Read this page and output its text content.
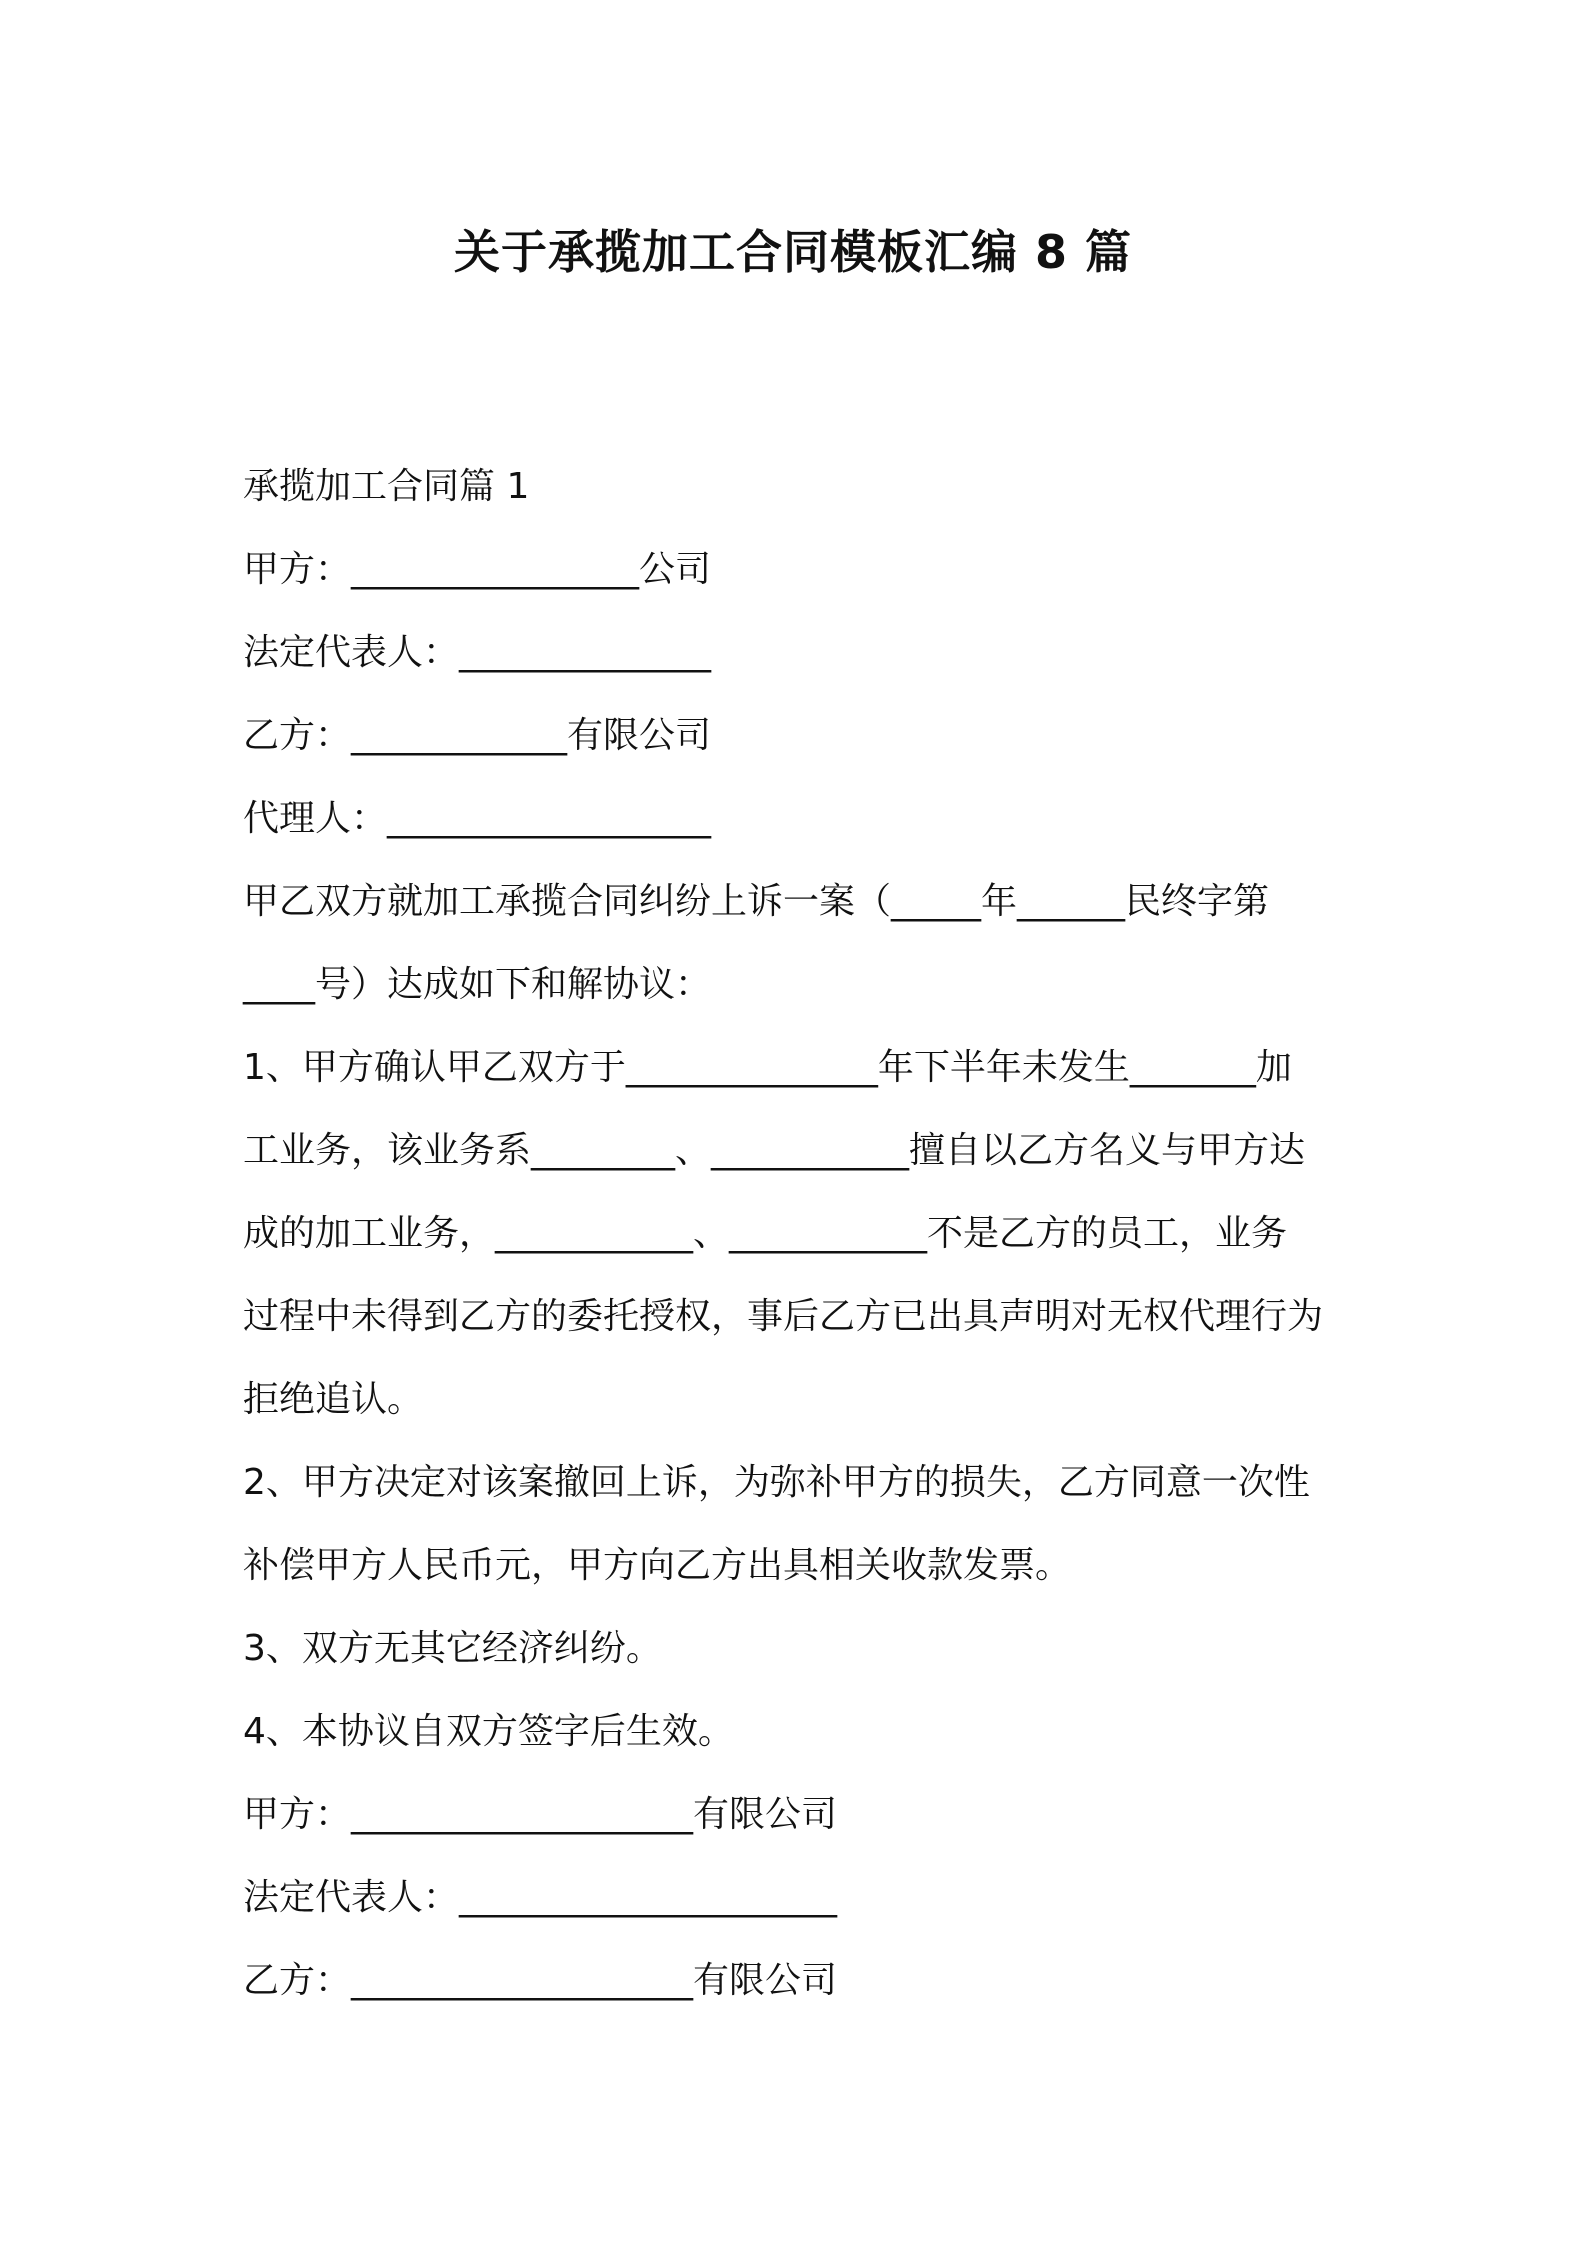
关于承揽加工合同模板汇编 8 篇

承揽加工合同篇 1

甲方：________________公司

法定代表人：______________

乙方：____________有限公司

代理人：__________________

甲乙双方就加工承揽合同纠纷上诉一案（_____年______民终字第

____号）达成如下和解协议：

1、甲方确认甲乙双方于______________年下半年未发生_______加

工业务，该业务系________、___________擅自以乙方名义与甲方达

成的加工业务，___________、___________不是乙方的员工，业务

过程中未得到乙方的委托授权，事后乙方已出具声明对无权代理行为

拒绝追认。

2、甲方决定对该案撤回上诉，为弥补甲方的损失，乙方同意一次性

补偿甲方人民币元，甲方向乙方出具相关收款发票。

3、双方无其它经济纠纷。

4、本协议自双方签字后生效。

甲方：___________________有限公司

法定代表人：_____________________

乙方：___________________有限公司
